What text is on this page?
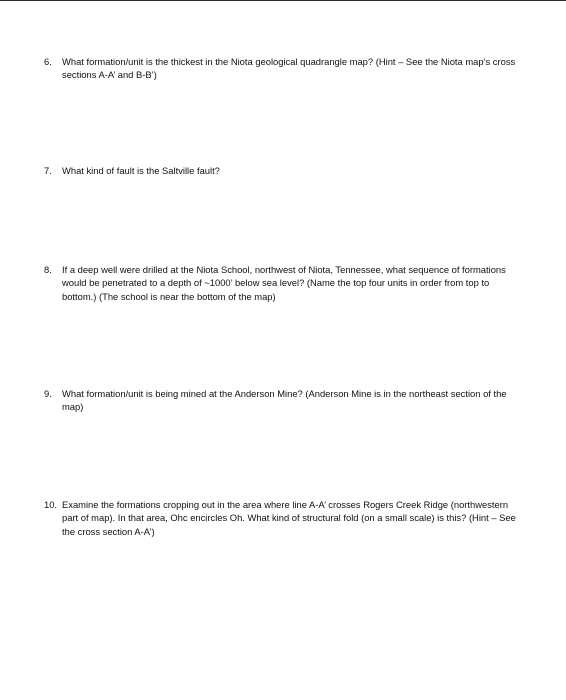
6.	What formation/unit is the thickest in the Niota geological quadrangle map? (Hint – See the Niota map’s cross sections A-A’ and B-B’)
7.	What kind of fault is the Saltville fault?
8.	If a deep well were drilled at the Niota School, northwest of Niota, Tennessee, what sequence of formations would be penetrated to a depth of ~1000’ below sea level? (Name the top four units in order from top to bottom.) (The school is near the bottom of the map)
9.	What formation/unit is being mined at the Anderson Mine? (Anderson Mine is in the northeast section of the map)
10. Examine the formations cropping out in the area where line A-A’ crosses Rogers Creek Ridge (northwestern part of map). In that area, Ohc encircles Oh. What kind of structural fold (on a small scale) is this? (Hint – See the cross section A-A’)
